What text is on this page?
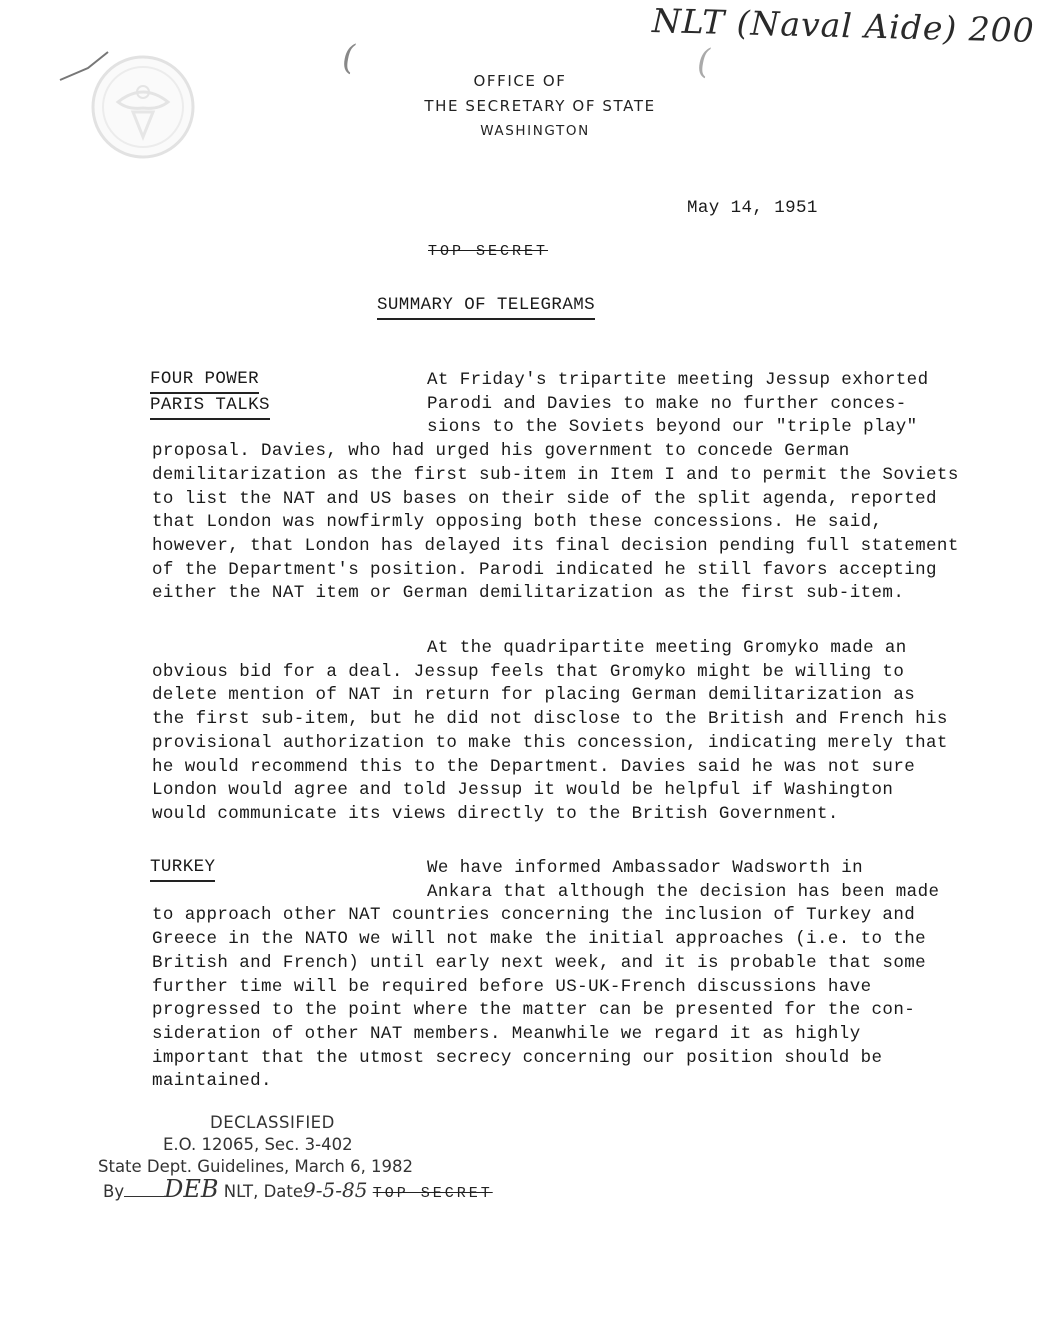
NLT (Naval Aide) 200
(	(
OFFICE OF
THE SECRETARY OF STATE
WASHINGTON
May 14, 1951
TOP SECRET
SUMMARY OF TELEGRAMS
FOUR POWER
PARIS TALKS
At Friday's tripartite meeting Jessup exhorted
Parodi and Davies to make no further conces-
sions to the Soviets beyond our "triple play"
proposal. Davies, who had urged his government to concede German
demilitarization as the first sub-item in Item I and to permit the Soviets
to list the NAT and US bases on their side of the split agenda, reported
that London was nowfirmly opposing both these concessions. He said,
however, that London has delayed its final decision pending full statement
of the Department's position. Parodi indicated he still favors accepting
either the NAT item or German demilitarization as the first sub-item.
At the quadripartite meeting Gromyko made an
obvious bid for a deal. Jessup feels that Gromyko might be willing to
delete mention of NAT in return for placing German demilitarization as
the first sub-item, but he did not disclose to the British and French his
provisional authorization to make this concession, indicating merely that
he would recommend this to the Department. Davies said he was not sure
London would agree and told Jessup it would be helpful if Washington
would communicate its views directly to the British Government.
TURKEY	We have informed Ambassador Wadsworth in
Ankara that although the decision has been made
to approach other NAT countries concerning the inclusion of Turkey and
Greece in the NATO we will not make the initial approaches (i.e. to the
British and French) until early next week, and it is probable that some
further time will be required before US-UK-French discussions have
progressed to the point where the matter can be presented for the con-
sideration of other NAT members. Meanwhile we regard it as highly
important that the utmost secrecy concerning our position should be
maintained.
DECLASSIFIED
E.O. 12065, Sec. 3-402
State Dept. Guidelines, March 6, 1982
By DEB NLT, Date9-5-85 TOP SECRET
